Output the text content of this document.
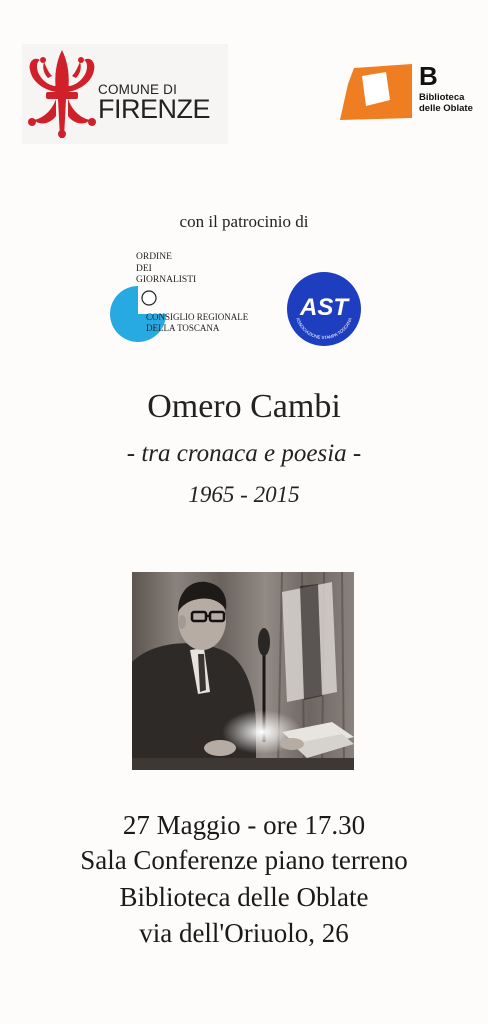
COMUNE DI
FIRENZE
B
Biblioteca
delle Oblate
con il patrocinio di
ORDINE
DEI
GIORNALISTI
CONSIGLIO REGIONALE
DELLA TOSCANA
AST
ASSOCIAZIONE STAMPA TOSCANA
Omero Cambi
- tra cronaca e poesia -
1965 - 2015
27 Maggio - ore 17.30
Sala Conferenze piano terreno
Biblioteca delle Oblate
via dell'Oriuolo, 26
